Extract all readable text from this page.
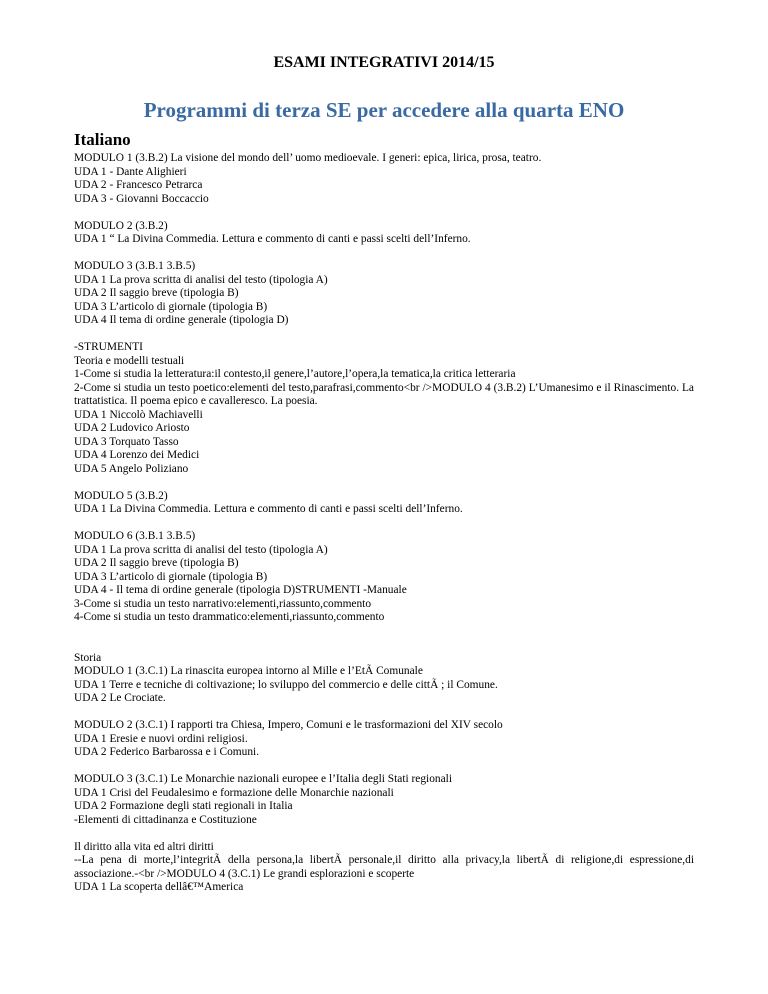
ESAMI INTEGRATIVI 2014/15
Programmi di terza SE per accedere alla quarta ENO
Italiano
MODULO 1 (3.B.2) La visione del mondo dell’ uomo medioevale. I generi: epica, lirica, prosa, teatro.
UDA 1 - Dante Alighieri
UDA 2 - Francesco Petrarca
UDA 3 - Giovanni Boccaccio
MODULO 2 (3.B.2)
UDA 1 “ La Divina Commedia. Lettura e commento di canti e passi scelti dell’Inferno.
MODULO 3 (3.B.1 3.B.5)
UDA 1 La prova scritta di analisi del testo (tipologia A)
UDA 2 Il saggio breve (tipologia B)
UDA 3 L’articolo di giornale (tipologia B)
UDA 4 Il tema di ordine generale (tipologia D)
-STRUMENTI
Teoria e modelli testuali
1-Come si studia la letteratura:il contesto,il genere,l’autore,l’opera,la tematica,la critica letteraria
2-Come si studia un testo poetico:elementi del testo,parafrasi,commento<br />MODULO 4 (3.B.2) L’Umanesimo e il Rinascimento. La trattatistica. Il poema epico e cavalleresco. La poesia.
UDA 1 Niccolò Machiavelli
UDA 2 Ludovico Ariosto
UDA 3 Torquato Tasso
UDA 4 Lorenzo dei Medici
UDA 5 Angelo Poliziano
MODULO 5 (3.B.2)
UDA 1 La Divina Commedia. Lettura e commento di canti e passi scelti dell’Inferno.
MODULO 6 (3.B.1 3.B.5)
UDA 1 La prova scritta di analisi del testo (tipologia A)
UDA 2 Il saggio breve (tipologia B)
UDA 3 L’articolo di giornale (tipologia B)
UDA 4 - Il tema di ordine generale (tipologia D)STRUMENTI -Manuale
3-Come si studia un testo narrativo:elementi,riassunto,commento
4-Come si studia un testo drammatico:elementi,riassunto,commento
Storia
MODULO 1 (3.C.1) La rinascita europea intorno al Mille e l’EtÃ Comunale
UDA 1 Terre e tecniche di coltivazione; lo sviluppo del commercio e delle cittÃ ; il Comune.
UDA 2 Le Crociate.
MODULO 2 (3.C.1) I rapporti tra Chiesa, Impero, Comuni e le trasformazioni del XIV secolo
UDA 1 Eresie e nuovi ordini religiosi.
UDA 2 Federico Barbarossa e i Comuni.
MODULO 3 (3.C.1) Le Monarchie nazionali europee e l’Italia degli Stati regionali
UDA 1 Crisi del Feudalesimo e formazione delle Monarchie nazionali
UDA 2 Formazione degli stati regionali in Italia
-Elementi di cittadinanza e Costituzione
Il diritto alla vita ed altri diritti
--La pena di morte,l’integritÃ della persona,la libertÃ personale,il diritto alla privacy,la libertÃ di religione,di espressione,di associazione.-<br />MODULO 4 (3.C.1) Le grandi esplorazioni e scoperte
UDA 1 La scoperta dellâ€™America
